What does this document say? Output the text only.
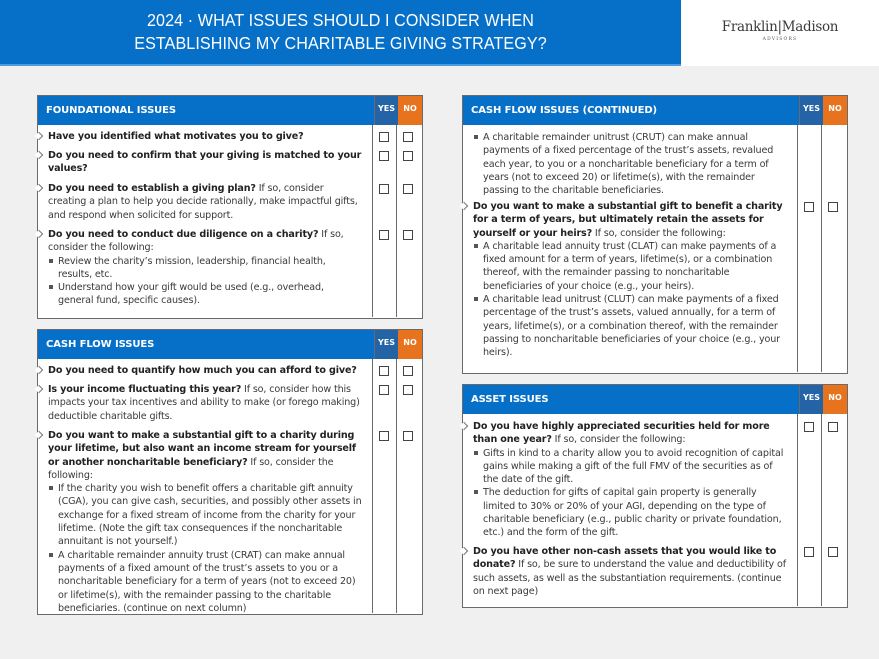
2024 · WHAT ISSUES SHOULD I CONSIDER WHEN
ESTABLISHING MY CHARITABLE GIVING STRATEGY?
Franklin|Madison
ADVISORS
FOUNDATIONAL ISSUES	YES	NO
Have you identified what motivates you to give?
Do you need to confirm that your giving is matched to your values?
Do you need to establish a giving plan? If so, consider creating a plan to help you decide rationally, make impactful gifts, and respond when solicited for support.
Do you need to conduct due diligence on a charity? If so, consider the following:
Review the charity’s mission, leadership, financial health, results, etc.
Understand how your gift would be used (e.g., overhead, general fund, specific causes).
CASH FLOW ISSUES	YES	NO
Do you need to quantify how much you can afford to give?
Is your income fluctuating this year? If so, consider how this impacts your tax incentives and ability to make (or forego making) deductible charitable gifts.
Do you want to make a substantial gift to a charity during your lifetime, but also want an income stream for yourself or another noncharitable beneficiary? If so, consider the following:
If the charity you wish to benefit offers a charitable gift annuity (CGA), you can give cash, securities, and possibly other assets in exchange for a fixed stream of income from the charity for your lifetime. (Note the gift tax consequences if the noncharitable annuitant is not yourself.)
A charitable remainder annuity trust (CRAT) can make annual payments of a fixed amount of the trust’s assets to you or a noncharitable beneficiary for a term of years (not to exceed 20) or lifetime(s), with the remainder passing to the charitable beneficiaries. (continue on next column)
CASH FLOW ISSUES (CONTINUED)	YES	NO
A charitable remainder unitrust (CRUT) can make annual payments of a fixed percentage of the trust’s assets, revalued each year, to you or a noncharitable beneficiary for a term of years (not to exceed 20) or lifetime(s), with the remainder passing to the charitable beneficiaries.
Do you want to make a substantial gift to benefit a charity for a term of years, but ultimately retain the assets for yourself or your heirs? If so, consider the following:
A charitable lead annuity trust (CLAT) can make payments of a fixed amount for a term of years, lifetime(s), or a combination thereof, with the remainder passing to noncharitable beneficiaries of your choice (e.g., your heirs).
A charitable lead unitrust (CLUT) can make payments of a fixed percentage of the trust’s assets, valued annually, for a term of years, lifetime(s), or a combination thereof, with the remainder passing to noncharitable beneficiaries of your choice (e.g., your heirs).
ASSET ISSUES	YES	NO
Do you have highly appreciated securities held for more than one year? If so, consider the following:
Gifts in kind to a charity allow you to avoid recognition of capital gains while making a gift of the full FMV of the securities as of the date of the gift.
The deduction for gifts of capital gain property is generally limited to 30% or 20% of your AGI, depending on the type of charitable beneficiary (e.g., public charity or private foundation, etc.) and the form of the gift.
Do you have other non-cash assets that you would like to donate? If so, be sure to understand the value and deductibility of such assets, as well as the substantiation requirements. (continue on next page)
